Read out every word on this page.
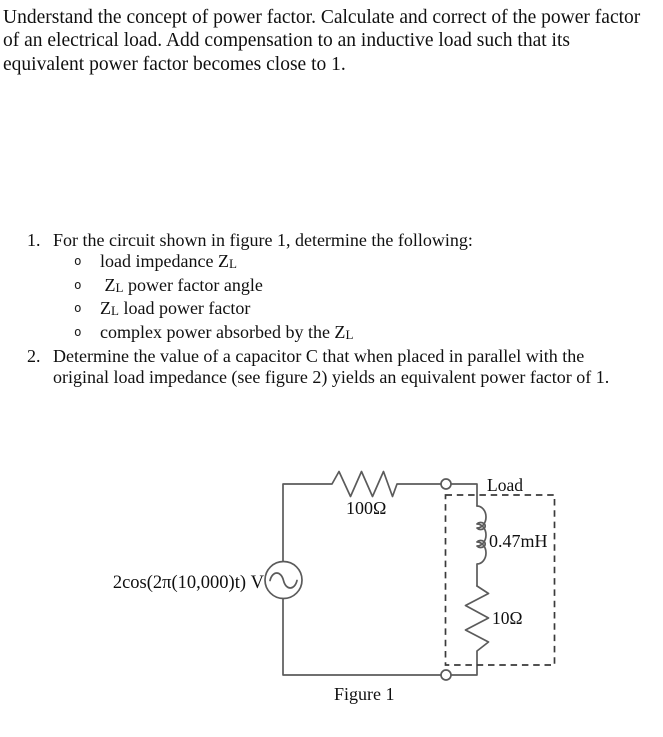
Understand the concept of power factor. Calculate and correct of the power factor
of an electrical load. Add compensation to an inductive load such that its
equivalent power factor becomes close to 1.
1. For the circuit shown in figure 1, determine the following:
o load impedance ZL
o ZL power factor angle
o ZL load power factor
o complex power absorbed by the ZL
2. Determine the value of a capacitor C that when placed in parallel with the
original load impedance (see figure 2) yields an equivalent power factor of 1.
2cos(2π(10,000)t) V
100Ω
Load
0.47mH
10Ω
Figure 1
